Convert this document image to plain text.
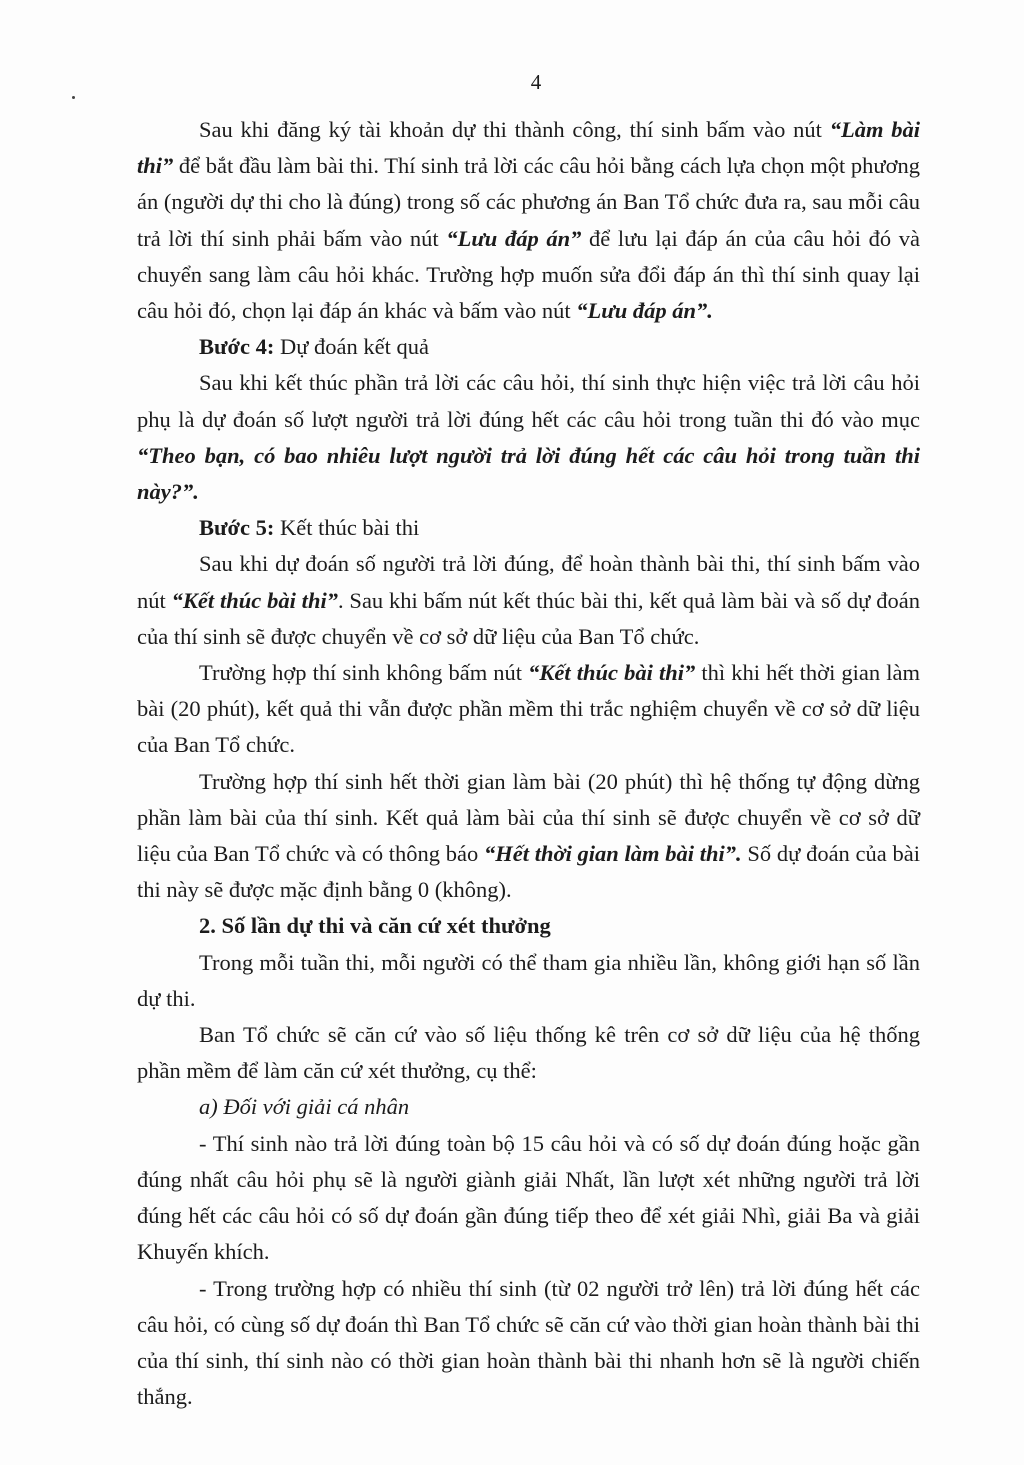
4

Sau khi đăng ký tài khoản dự thi thành công, thí sinh bấm vào nút “Làm bài thi” để bắt đầu làm bài thi. Thí sinh trả lời các câu hỏi bằng cách lựa chọn một phương án (người dự thi cho là đúng) trong số các phương án Ban Tổ chức đưa ra, sau mỗi câu trả lời thí sinh phải bấm vào nút “Lưu đáp án” để lưu lại đáp án của câu hỏi đó và chuyển sang làm câu hỏi khác. Trường hợp muốn sửa đổi đáp án thì thí sinh quay lại câu hỏi đó, chọn lại đáp án khác và bấm vào nút “Lưu đáp án”.

Bước 4: Dự đoán kết quả

Sau khi kết thúc phần trả lời các câu hỏi, thí sinh thực hiện việc trả lời câu hỏi phụ là dự đoán số lượt người trả lời đúng hết các câu hỏi trong tuần thi đó vào mục “Theo bạn, có bao nhiêu lượt người trả lời đúng hết các câu hỏi trong tuần thi này?”.

Bước 5: Kết thúc bài thi

Sau khi dự đoán số người trả lời đúng, để hoàn thành bài thi, thí sinh bấm vào nút “Kết thúc bài thi”. Sau khi bấm nút kết thúc bài thi, kết quả làm bài và số dự đoán của thí sinh sẽ được chuyển về cơ sở dữ liệu của Ban Tổ chức.

Trường hợp thí sinh không bấm nút “Kết thúc bài thi” thì khi hết thời gian làm bài (20 phút), kết quả thi vẫn được phần mềm thi trắc nghiệm chuyển về cơ sở dữ liệu của Ban Tổ chức.

Trường hợp thí sinh hết thời gian làm bài (20 phút) thì hệ thống tự động dừng phần làm bài của thí sinh. Kết quả làm bài của thí sinh sẽ được chuyển về cơ sở dữ liệu của Ban Tổ chức và có thông báo “Hết thời gian làm bài thi”. Số dự đoán của bài thi này sẽ được mặc định bằng 0 (không).

2. Số lần dự thi và căn cứ xét thưởng

Trong mỗi tuần thi, mỗi người có thể tham gia nhiều lần, không giới hạn số lần dự thi.

Ban Tổ chức sẽ căn cứ vào số liệu thống kê trên cơ sở dữ liệu của hệ thống phần mềm để làm căn cứ xét thưởng, cụ thể:

a) Đối với giải cá nhân

- Thí sinh nào trả lời đúng toàn bộ 15 câu hỏi và có số dự đoán đúng hoặc gần đúng nhất câu hỏi phụ sẽ là người giành giải Nhất, lần lượt xét những người trả lời đúng hết các câu hỏi có số dự đoán gần đúng tiếp theo để xét giải Nhì, giải Ba và giải Khuyến khích.

- Trong trường hợp có nhiều thí sinh (từ 02 người trở lên) trả lời đúng hết các câu hỏi, có cùng số dự đoán thì Ban Tổ chức sẽ căn cứ vào thời gian hoàn thành bài thi của thí sinh, thí sinh nào có thời gian hoàn thành bài thi nhanh hơn sẽ là người chiến thắng.
